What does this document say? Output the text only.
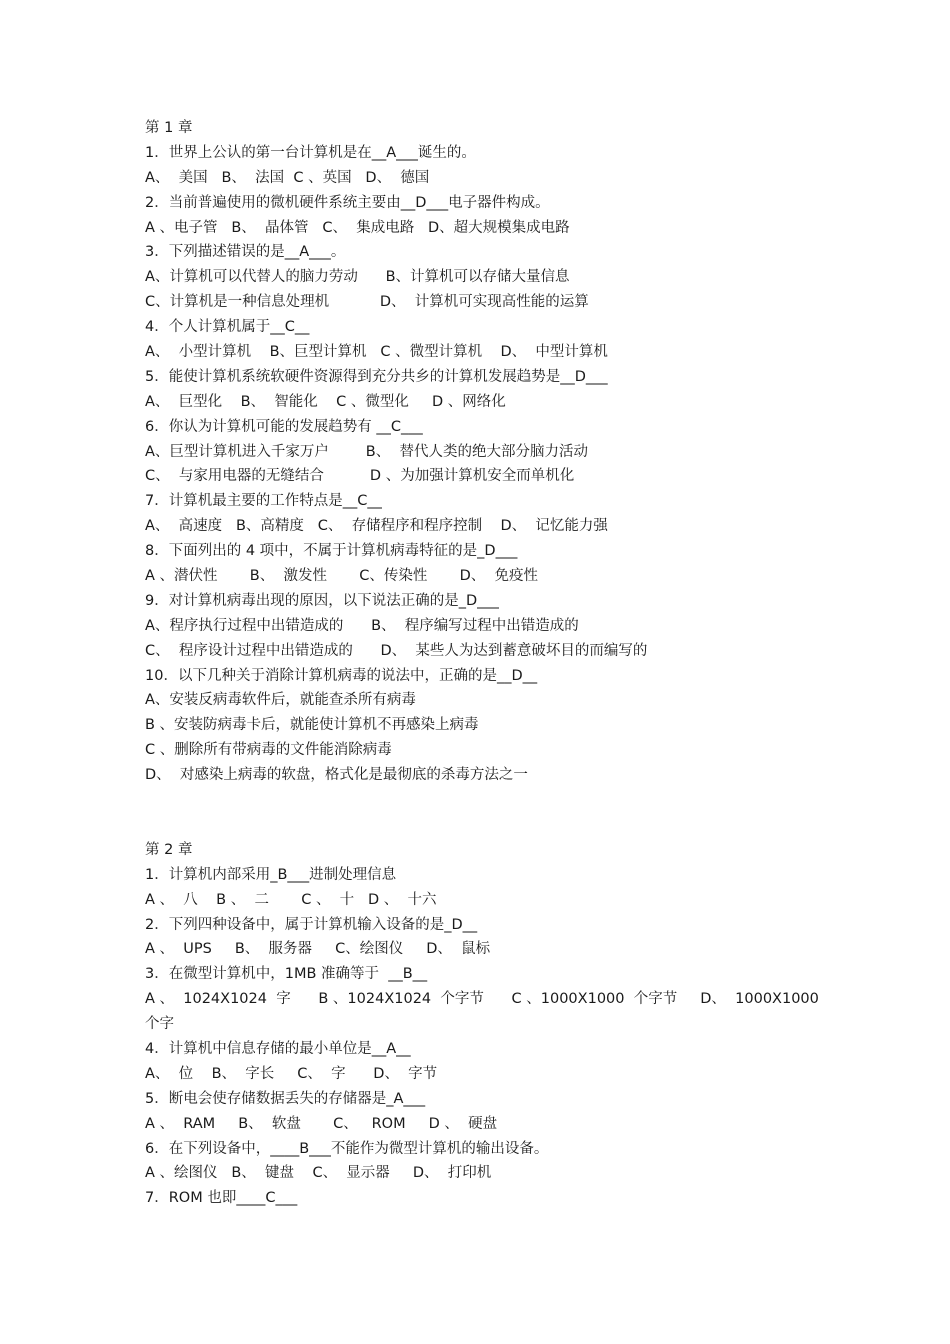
第 1 章
1．世界上公认的第一台计算机是在__A___诞生的。
A、  美国   B、  法国  C 、英国   D、  德国
2．当前普遍使用的微机硬件系统主要由__D___电子器件构成。
A 、电子管   B、  晶体管   C、  集成电路   D、超大规模集成电路
3．下列描述错误的是__A___。
A、计算机可以代替人的脑力劳动      B、计算机可以存储大量信息
C、计算机是一种信息处理机           D、  计算机可实现高性能的运算
4．个人计算机属于__C__
A、  小型计算机    B、巨型计算机   C 、微型计算机    D、  中型计算机
5．能使计算机系统软硬件资源得到充分共乡的计算机发展趋势是__D___
A、  巨型化    B、  智能化    C 、微型化     D 、网络化
6．你认为计算机可能的发展趋势有 __C___
A、巨型计算机进入千家万户        B、  替代人类的绝大部分脑力活动
C、  与家用电器的无缝结合          D 、为加强计算机安全而单机化
7．计算机最主要的工作特点是__C__
A、  高速度   B、高精度   C、  存储程序和程序控制    D、  记忆能力强
8．下面列出的 4 项中，不属于计算机病毒特征的是_D___
A 、潜伏性       B、  激发性       C、传染性       D、  免疫性
9．对计算机病毒出现的原因，以下说法正确的是_D___
A、程序执行过程中出错造成的      B、  程序编写过程中出错造成的
C、  程序设计过程中出错造成的      D、  某些人为达到蓄意破坏目的而编写的
10．以下几种关于消除计算机病毒的说法中，正确的是__D__
A、安装反病毒软件后，就能查杀所有病毒
B 、安装防病毒卡后，就能使计算机不再感染上病毒
C 、删除所有带病毒的文件能消除病毒
D、  对感染上病毒的软盘，格式化是最彻底的杀毒方法之一
第 2 章
1．计算机内部采用_B___进制处理信息
A 、  八    B 、  二       C 、  十   D 、  十六
2．下列四种设备中，属于计算机输入设备的是_D__
A 、  UPS     B、  服务器     C、绘图仪     D、  鼠标
3．在微型计算机中，1MB 准确等于  __B__
A 、  1024X1024  字      B 、1024X1024  个字节      C 、1000X1000  个字节     D、  1000X1000
个字
4．计算机中信息存储的最小单位是__A__
A、  位    B、  字长     C、  字      D、  字节
5．断电会使存储数据丢失的存储器是_A___
A 、  RAM     B、  软盘       C、   ROM     D 、  硬盘
6．在下列设备中，____B___不能作为微型计算机的输出设备。
A 、绘图仪   B、  键盘    C、  显示器     D、  打印机
7．ROM 也即____C___
